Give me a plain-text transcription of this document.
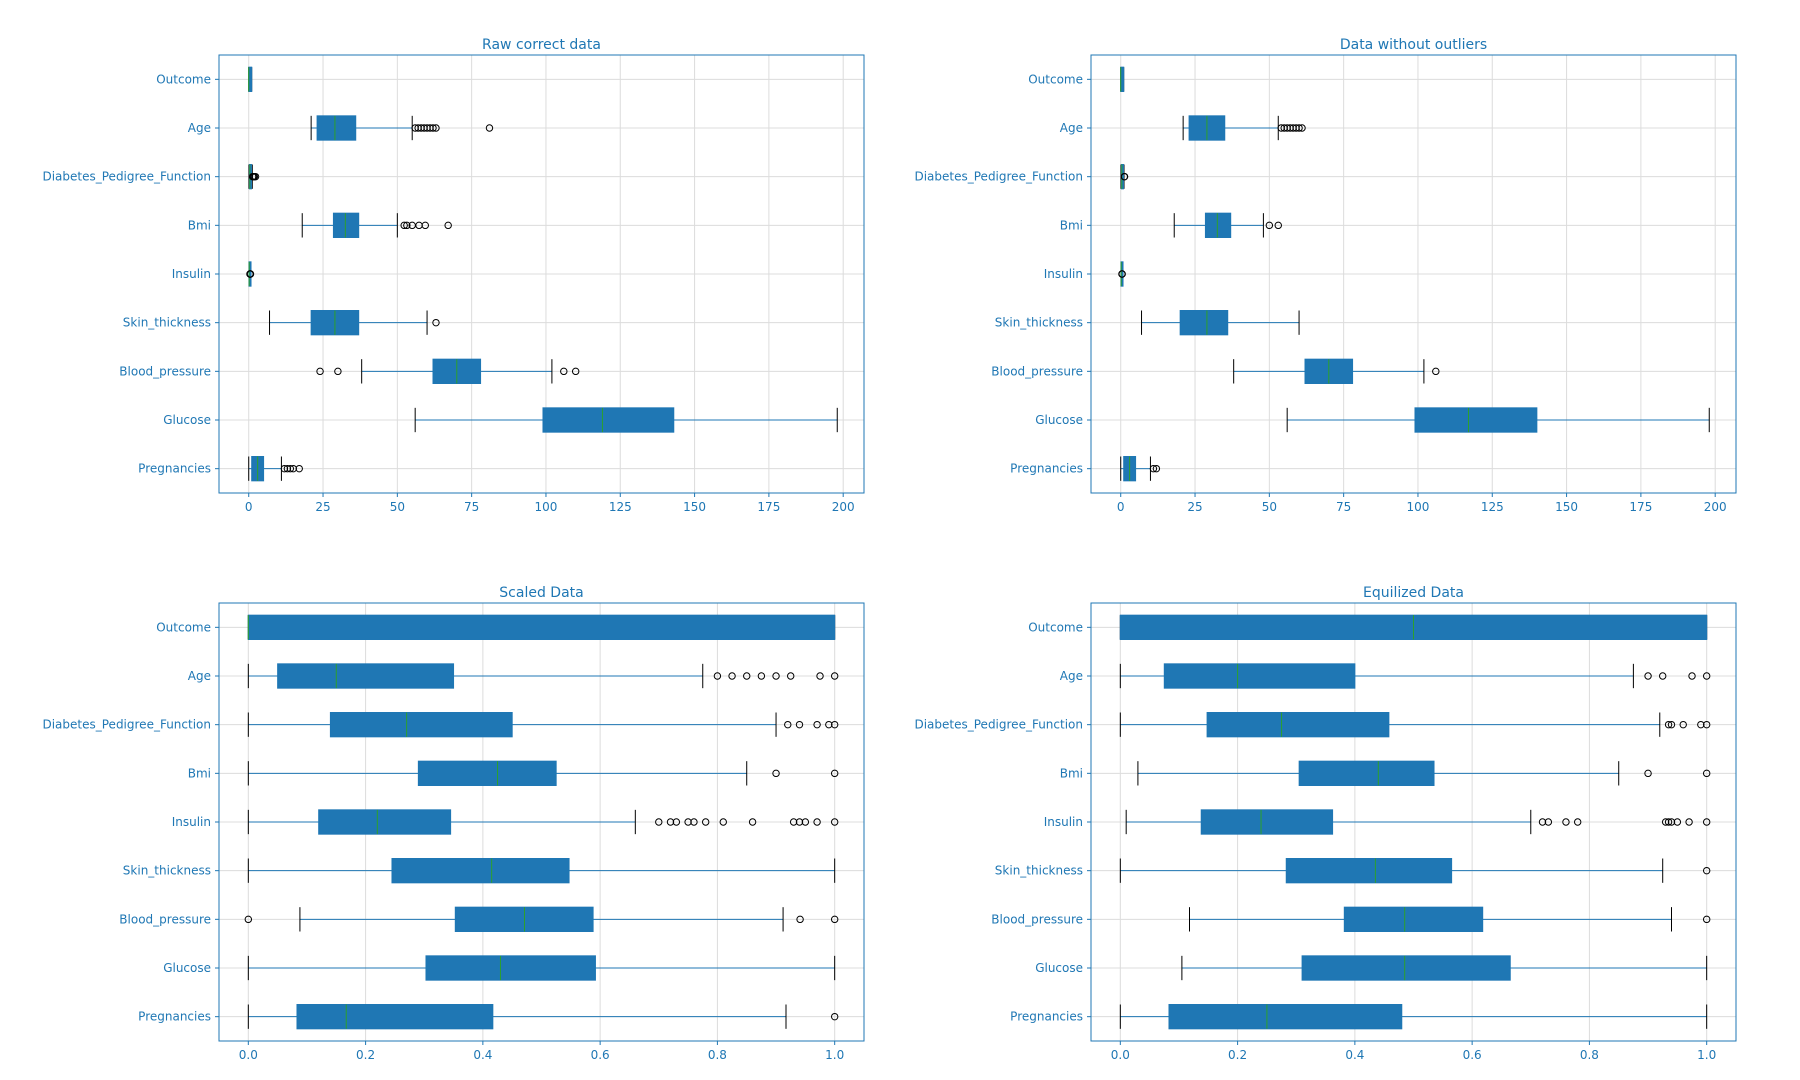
Pregnancies
Glucose
Blood_pressure
Skin_thickness
Insulin
Bmi
Diabetes_Pedigree_Function
Age
Outcome
0	25	50	75	100	125	150	175	200
Raw correct data
Pregnancies
Glucose
Blood_pressure
Skin_thickness
Insulin
Bmi
Diabetes_Pedigree_Function
Age
Outcome
0	25	50	75	100	125	150	175	200
Data without outliers
Pregnancies
Glucose
Blood_pressure
Skin_thickness
Insulin
Bmi
Diabetes_Pedigree_Function
Age
Outcome
0.0	0.2	0.4	0.6	0.8	1.0
Scaled Data
Pregnancies
Glucose
Blood_pressure
Skin_thickness
Insulin
Bmi
Diabetes_Pedigree_Function
Age
Outcome
0.0	0.2	0.4	0.6	0.8	1.0
Equilized Data
